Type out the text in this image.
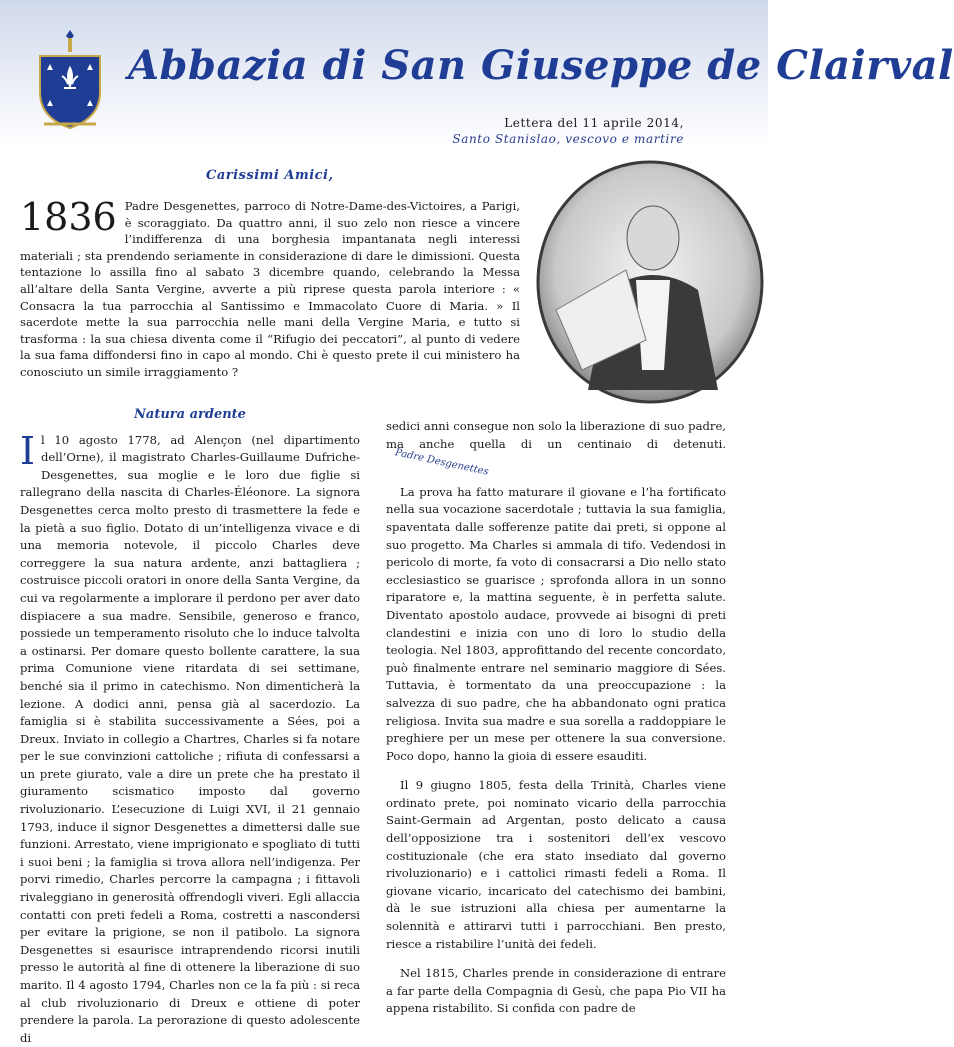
Abbazia di San Giuseppe de Clairval
Lettera del 11 aprile 2014,
Santo Stanislao, vescovo e martire
Carissimi Amici,
1836 Padre Desgenettes, parroco di Notre-Dame-des-Victoires, a Parigi, è scoraggiato. Da quattro anni, il suo zelo non riesce a vincere l’indifferenza di una borghesia impantanata negli interessi materiali ; sta prendendo seriamente in considerazione di dare le dimissioni. Questa tentazione lo assilla fino al sabato 3 dicembre quando, celebrando la Messa all’altare della Santa Vergine, avverte a più riprese questa parola interiore : « Consacra la tua parrocchia al Santissimo e Immacolato Cuore di Maria. » Il sacerdote mette la sua parrocchia nelle mani della Vergine Maria, e tutto si trasforma : la sua chiesa diventa come il “Rifugio dei peccatori”, al punto di vedere la sua fama diffondersi fino in capo al mondo. Chi è questo prete il cui ministero ha conosciuto un simile irraggiamento ?
Natura ardente
I l 10 agosto 1778, ad Alençon (nel dipartimento dell’Orne), il magistrato Charles-Guillaume Dufriche-Desgenettes, sua moglie e le loro due figlie si rallegrano della nascita di Charles-Éléonore. La signora Desgenettes cerca molto presto di trasmettere la fede e la pietà a suo figlio. Dotato di un’intelligenza vivace e di una memoria notevole, il piccolo Charles deve correggere la sua natura ardente, anzi battagliera ; costruisce piccoli oratori in onore della Santa Vergine, da cui va regolarmente a implorare il perdono per aver dato dispiacere a sua madre. Sensibile, generoso e franco, possiede un temperamento risoluto che lo induce talvolta a ostinarsi. Per domare questo bollente carattere, la sua prima Comunione viene ritardata di sei settimane, benché sia il primo in catechismo. Non dimenticherà la lezione. A dodici anni, pensa già al sacerdozio. La famiglia si è stabilita successivamente a Sées, poi a Dreux. Inviato in collegio a Chartres, Charles si fa notare per le sue convinzioni cattoliche ; rifiuta di confessarsi a un prete giurato, vale a dire un prete che ha prestato il giuramento scismatico imposto dal governo rivoluzionario. L’esecuzione di Luigi XVI, il 21 gennaio 1793, induce il signor Desgenettes a dimettersi dalle sue funzioni. Arrestato, viene imprigionato e spogliato di tutti i suoi beni ; la famiglia si trova allora nell’indigenza. Per porvi rimedio, Charles percorre la campagna ; i fittavoli rivaleggiano in generosità offrendogli viveri. Egli allaccia contatti con preti fedeli a Roma, costretti a nascondersi per evitare la prigione, se non il patibolo. La signora Desgenettes si esaurisce intraprendendo ricorsi inutili presso le autorità al fine di ottenere la liberazione di suo marito. Il 4 agosto 1794, Charles non ce la fa più : si reca al club rivoluzionario di Dreux e ottiene di poter prendere la parola. La perorazione di questo adolescente di

sedici anni consegue non solo la liberazione di suo padre, ma anche quella di un centinaio di detenuti. Padre Desgenettes

La prova ha fatto maturare il giovane e l’ha fortificato nella sua vocazione sacerdotale ; tuttavia la sua famiglia, spaventata dalle sofferenze patite dai preti, si oppone al suo progetto. Ma Charles si ammala di tifo. Vedendosi in pericolo di morte, fa voto di consacrarsi a Dio nello stato ecclesiastico se guarisce ; sprofonda allora in un sonno riparatore e, la mattina seguente, è in perfetta salute. Diventato apostolo audace, provvede ai bisogni di preti clandestini e inizia con uno di loro lo studio della teologia. Nel 1803, approfittando del recente concordato, può finalmente entrare nel seminario maggiore di Sées. Tuttavia, è tormentato da una preoccupazione : la salvezza di suo padre, che ha abbandonato ogni pratica religiosa. Invita sua madre e sua sorella a raddoppiare le preghiere per un mese per ottenere la sua conversione. Poco dopo, hanno la gioia di essere esauditi.

Il 9 giugno 1805, festa della Trinità, Charles viene ordinato prete, poi nominato vicario della parrocchia Saint-Germain ad Argentan, posto delicato a causa dell’opposizione tra i sostenitori dell’ex vescovo costituzionale (che era stato insediato dal governo rivoluzionario) e i cattolici rimasti fedeli a Roma. Il giovane vicario, incaricato del catechismo dei bambini, dà le sue istruzioni alla chiesa per aumentarne la solennità e attirarvi tutti i parrocchiani. Ben presto, riesce a ristabilire l’unità dei fedeli.

Nel 1815, Charles prende in considerazione di entrare a far parte della Compagnia di Gesù, che papa Pio VII ha appena ristabilito. Si confida con padre de
